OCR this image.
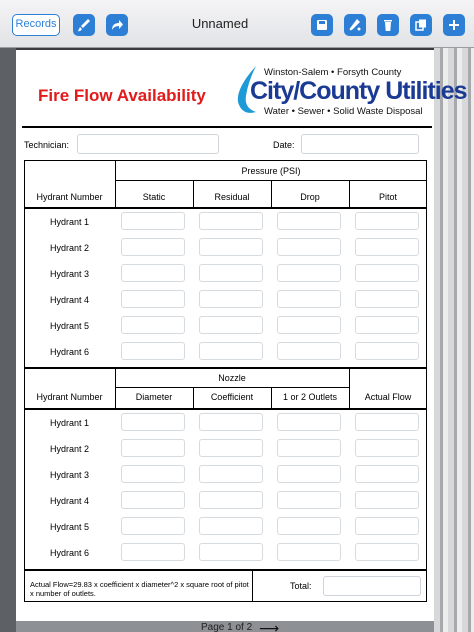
Records	Unnamed
Fire Flow Availability
Winston-Salem • Forsyth County
City/County Utilities
Water • Sewer • Solid Waste Disposal
Technician:	Date:
Pressure (PSI)
Hydrant Number	Static	Residual	Drop	Pitot
Hydrant 1
Hydrant 2
Hydrant 3
Hydrant 4
Hydrant 5
Hydrant 6
Nozzle
Hydrant Number	Diameter	Coefficient	1 or 2 Outlets	Actual Flow
Hydrant 1
Hydrant 2
Hydrant 3
Hydrant 4
Hydrant 5
Hydrant 6
Actual Flow=29.83 x coefficient x diameter^2 x square root of pitot x number of outlets.
Total:
Page 1 of 2 ⟶
